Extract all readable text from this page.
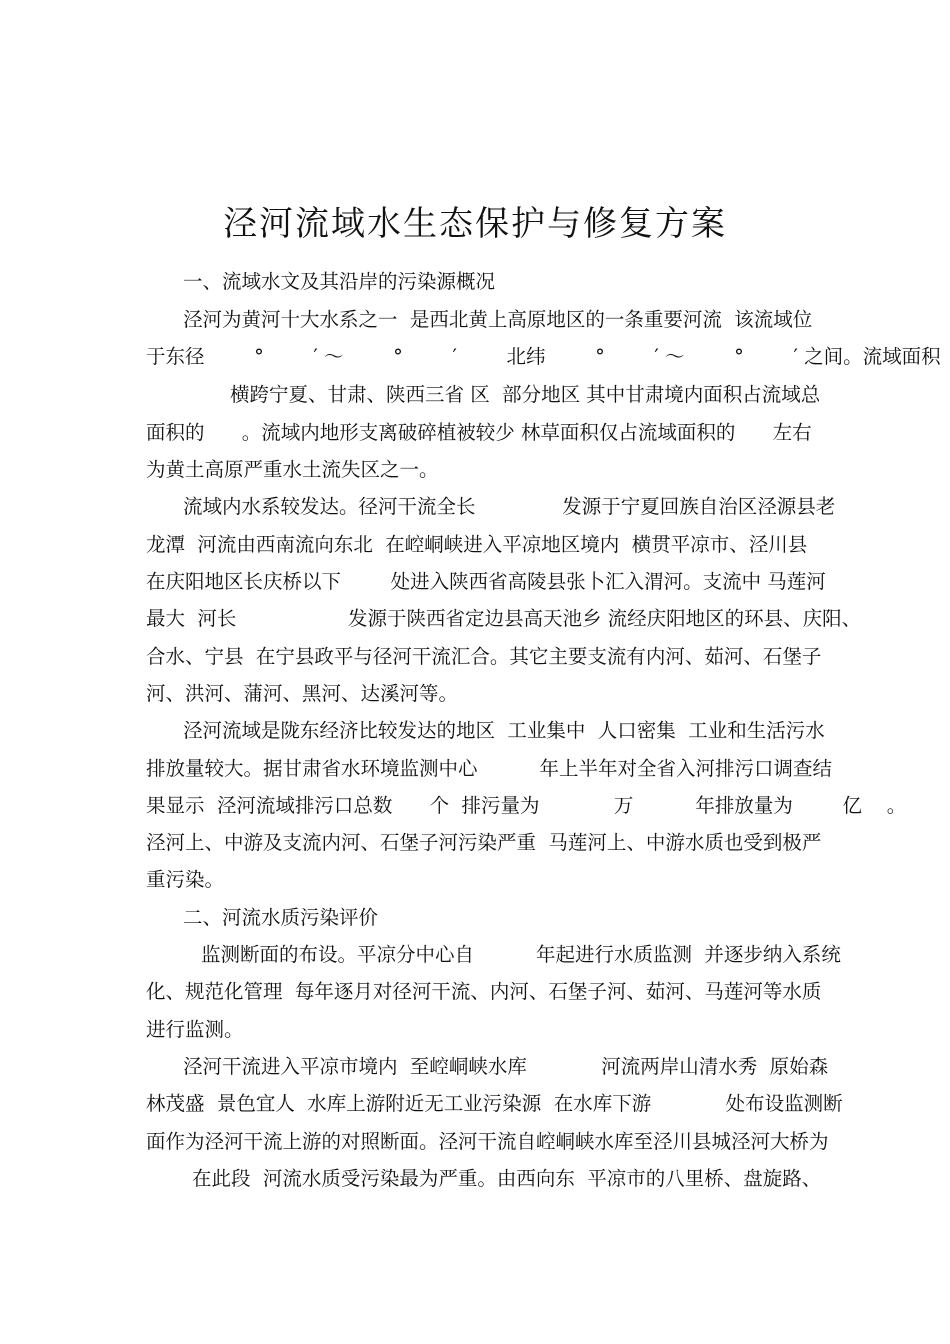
泾河流域水生态保护与修复方案
一、流域水文及其沿岸的污染源概况
泾河为黄河十大水系之一  是西北黄上高原地区的一条重要河流  该流域位
于东径        °        ′ ～        °        ′        北纬        °        ′ ～        °        ′ 之间。流域面积
横跨宁夏、甘肃、陕西三省 区  部分地区 其中甘肃境内面积占流域总
面积的      。流域内地形支离破碎植被较少 林草面积仅占流域面积的      左右
为黄土高原严重水土流失区之一。
流域内水系较发达。径河干流全长              发源于宁夏回族自治区泾源县老
龙潭  河流由西南流向东北  在崆峒峡进入平凉地区境内  横贯平凉市、泾川县
在庆阳地区长庆桥以下        处进入陕西省高陵县张卜汇入渭河。支流中 马莲河
最大  河长                  发源于陕西省定边县高天池乡 流经庆阳地区的环县、庆阳、
合水、宁县  在宁县政平与径河干流汇合。其它主要支流有内河、茹河、石堡子
河、洪河、蒲河、黑河、达溪河等。
泾河流域是陇东经济比较发达的地区  工业集中  人口密集  工业和生活污水
排放量较大。据甘肃省水环境监测中心          年上半年对全省入河排污口调查结
果显示  泾河流域排污口总数      个  排污量为            万          年排放量为        亿    。
泾河上、中游及支流内河、石堡子河污染严重  马莲河上、中游水质也受到极严
重污染。
二、河流水质污染评价
监测断面的布设。平凉分中心自          年起进行水质监测  并逐步纳入系统
化、规范化管理  每年逐月对径河干流、内河、石堡子河、茹河、马莲河等水质
进行监测。
泾河干流进入平凉市境内  至崆峒峡水库            河流两岸山清水秀  原始森
林茂盛  景色宜人  水库上游附近无工业污染源  在水库下游            处布设监测断
面作为泾河干流上游的对照断面。泾河干流自崆峒峡水库至泾川县城泾河大桥为
在此段  河流水质受污染最为严重。由西向东  平凉市的八里桥、盘旋路、
